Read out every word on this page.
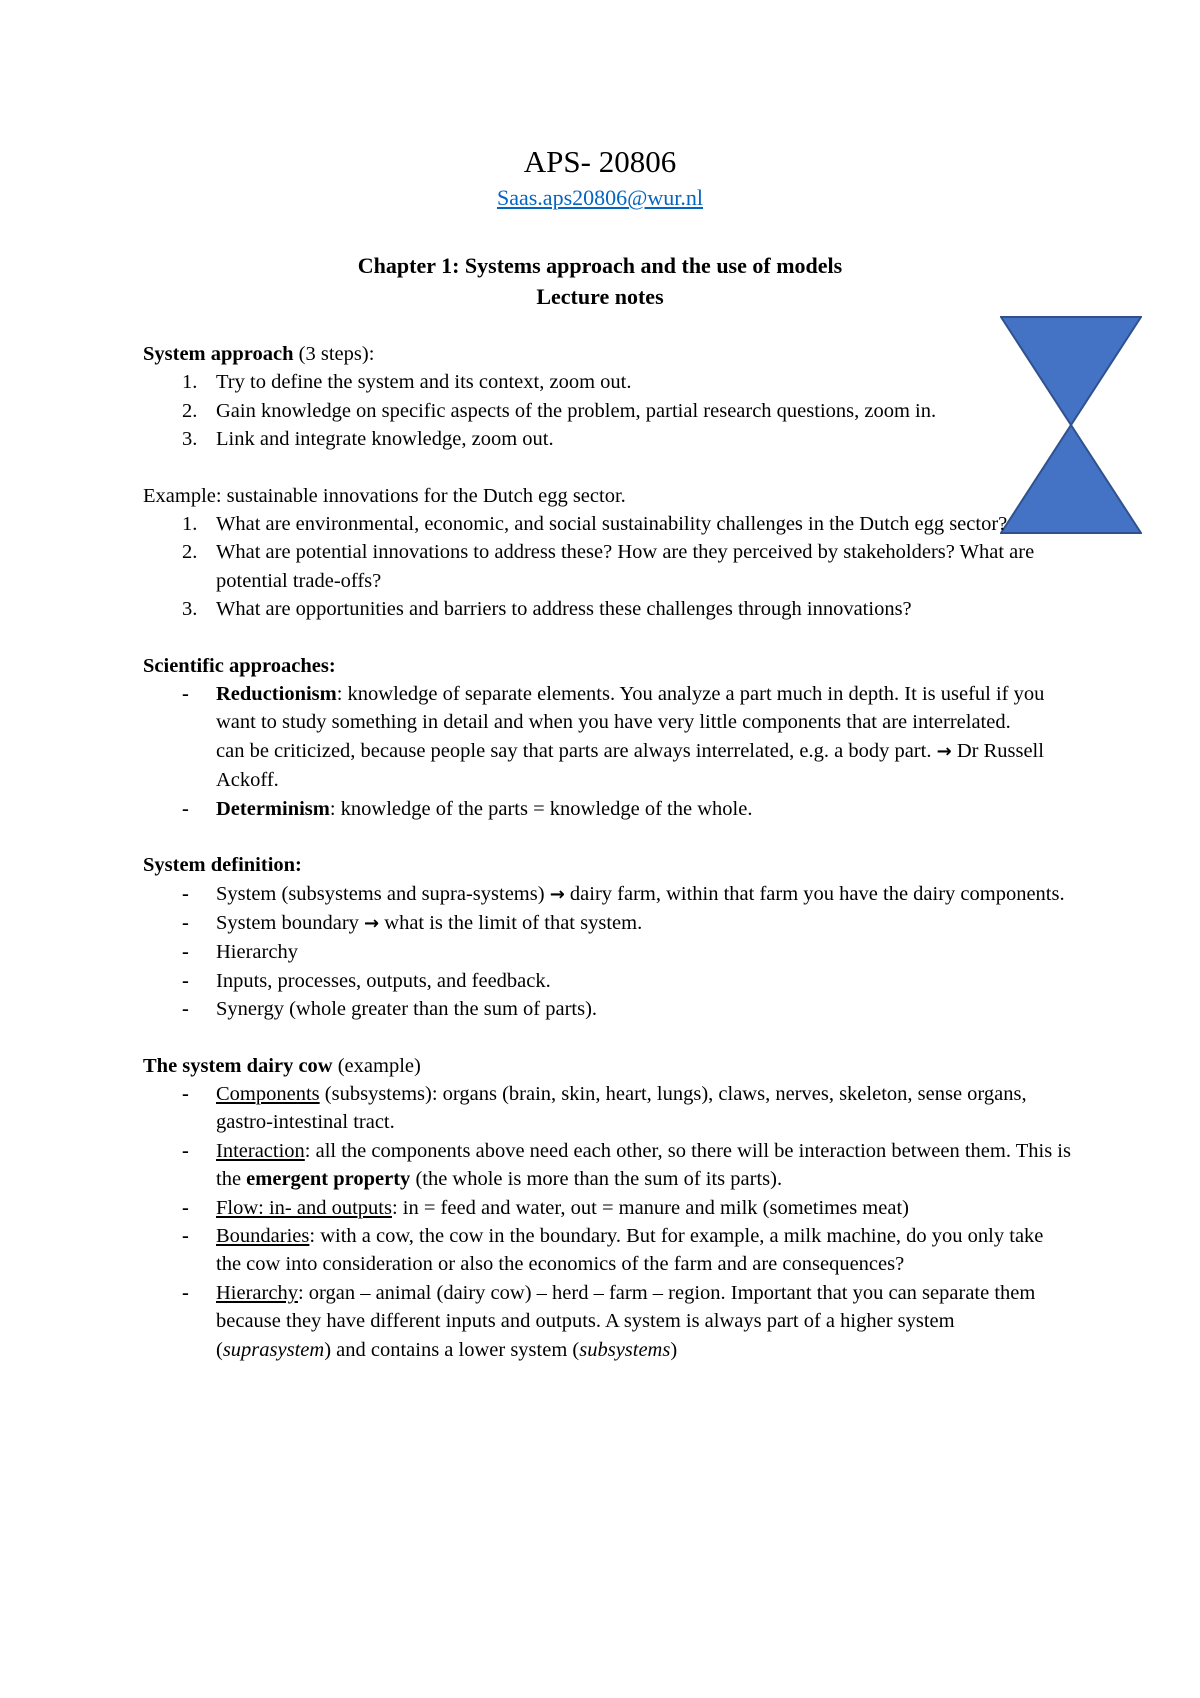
APS- 20806
Saas.aps20806@wur.nl
Chapter 1: Systems approach and the use of models
Lecture notes

System approach (3 steps):

1. Try to define the system and its context, zoom out.
2. Gain knowledge on specific aspects of the problem, partial research questions, zoom in.
3. Link and integrate knowledge, zoom out.

Example: sustainable innovations for the Dutch egg sector.

1. What are environmental, economic, and social sustainability challenges in the Dutch egg sector?
2. What are potential innovations to address these? How are they perceived by stakeholders? What are potential trade-offs?
3. What are opportunities and barriers to address these challenges through innovations?

Scientific approaches:

- Reductionism: knowledge of separate elements. You analyze a part much in depth. It is useful if you want to study something in detail and when you have very little components that are interrelated.
can be criticized, because people say that parts are always interrelated, e.g. a body part. → Dr Russell Ackoff.
- Determinism: knowledge of the parts = knowledge of the whole.

System definition:

- System (subsystems and supra-systems) → dairy farm, within that farm you have the dairy components.
- System boundary → what is the limit of that system.
- Hierarchy
- Inputs, processes, outputs, and feedback.
- Synergy (whole greater than the sum of parts).

The system dairy cow (example)

- Components (subsystems): organs (brain, skin, heart, lungs), claws, nerves, skeleton, sense organs, gastro-intestinal tract.
- Interaction: all the components above need each other, so there will be interaction between them. This is the emergent property (the whole is more than the sum of its parts).
- Flow: in- and outputs: in = feed and water, out = manure and milk (sometimes meat)
- Boundaries: with a cow, the cow in the boundary. But for example, a milk machine, do you only take the cow into consideration or also the economics of the farm and are consequences?
- Hierarchy: organ – animal (dairy cow) – herd – farm – region. Important that you can separate them because they have different inputs and outputs. A system is always part of a higher system (suprasystem) and contains a lower system (subsystems)
